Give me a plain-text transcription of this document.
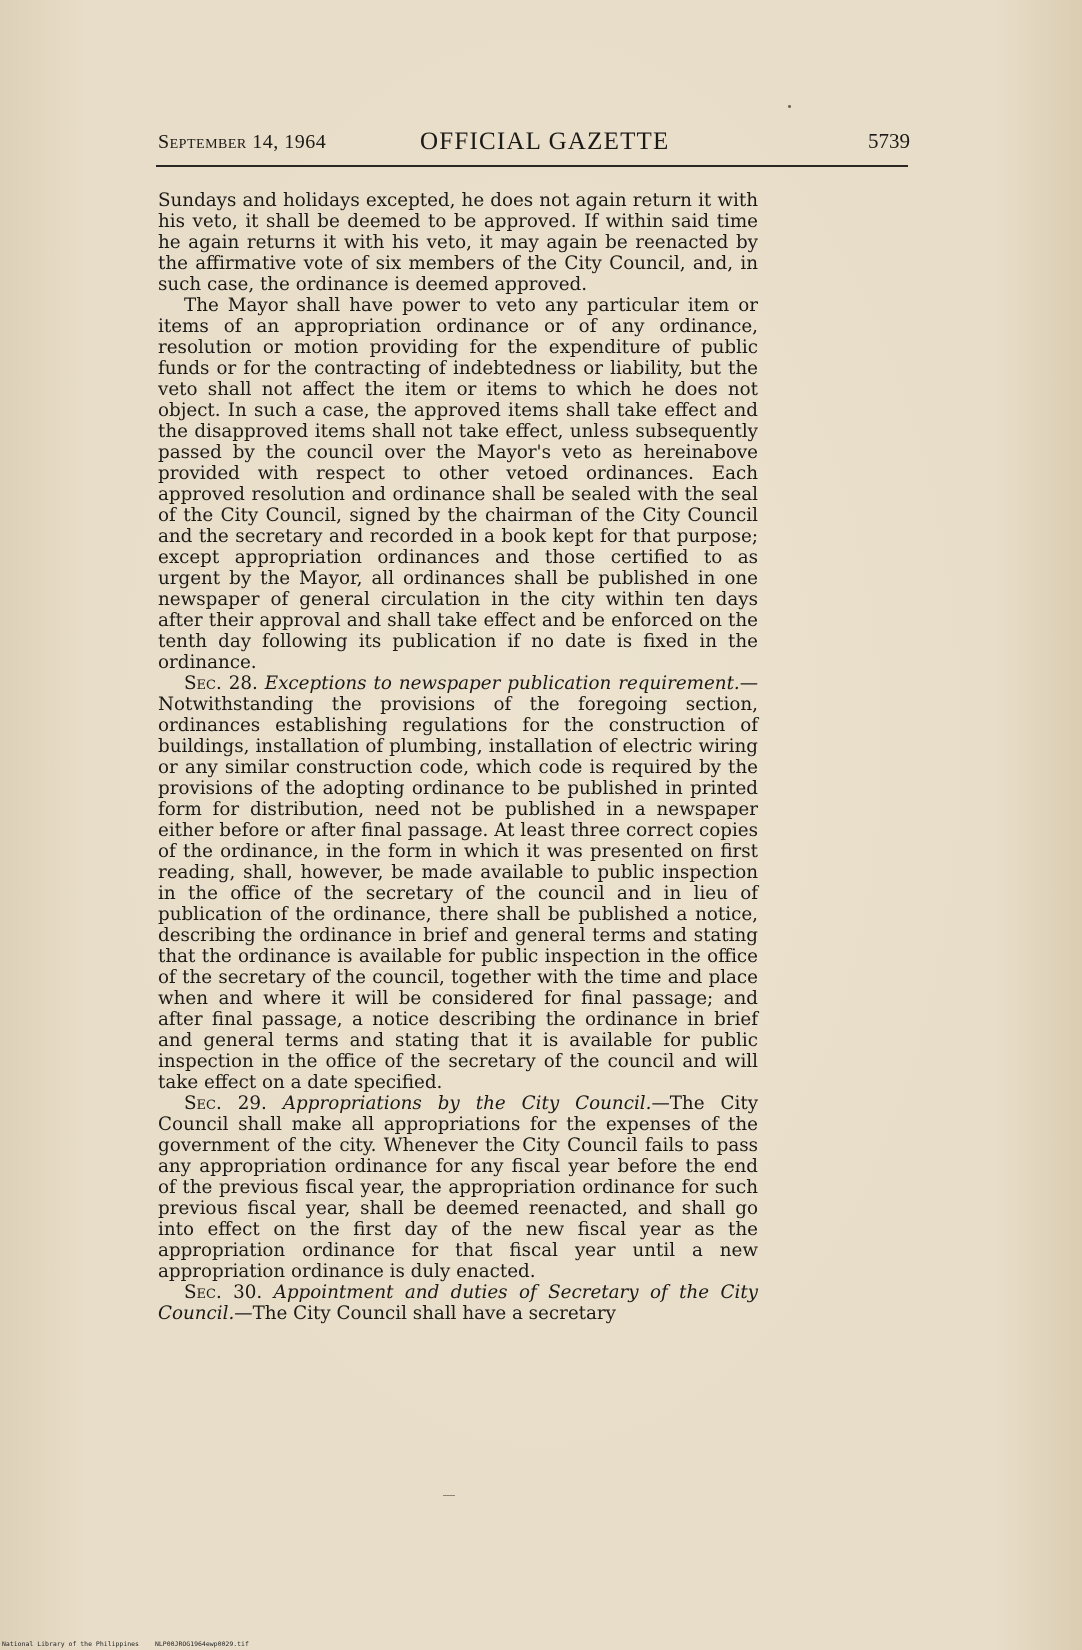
September 14, 1964	OFFICIAL GAZETTE	5739

Sundays and holidays excepted, he does not again return it with his veto, it shall be deemed to be approved. If within said time he again returns it with his veto, it may again be reenacted by the affirmative vote of six members of the City Council, and, in such case, the ordinance is deemed approved.

The Mayor shall have power to veto any particular item or items of an appropriation ordinance or of any ordinance, resolution or motion providing for the expenditure of public funds or for the contracting of indebtedness or liability, but the veto shall not affect the item or items to which he does not object. In such a case, the approved items shall take effect and the disapproved items shall not take effect, unless subsequently passed by the council over the Mayor's veto as hereinabove provided with respect to other vetoed ordinances. Each approved resolution and ordinance shall be sealed with the seal of the City Council, signed by the chairman of the City Council and the secretary and recorded in a book kept for that purpose; except appropriation ordinances and those certified to as urgent by the Mayor, all ordinances shall be published in one newspaper of general circulation in the city within ten days after their approval and shall take effect and be enforced on the tenth day following its publication if no date is fixed in the ordinance.

Sec. 28. Exceptions to newspaper publication requirement.—Notwithstanding the provisions of the foregoing section, ordinances establishing regulations for the construction of buildings, installation of plumbing, installation of electric wiring or any similar construction code, which code is required by the provisions of the adopting ordinance to be published in printed form for distribution, need not be published in a newspaper either before or after final passage. At least three correct copies of the ordinance, in the form in which it was presented on first reading, shall, however, be made available to public inspection in the office of the secretary of the council and in lieu of publication of the ordinance, there shall be published a notice, describing the ordinance in brief and general terms and stating that the ordinance is available for public inspection in the office of the secretary of the council, together with the time and place when and where it will be considered for final passage; and after final passage, a notice describing the ordinance in brief and general terms and stating that it is available for public inspection in the office of the secretary of the council and will take effect on a date specified.

Sec. 29. Appropriations by the City Council.—The City Council shall make all appropriations for the expenses of the government of the city. Whenever the City Council fails to pass any appropriation ordinance for any fiscal year before the end of the previous fiscal year, the appropriation ordinance for such previous fiscal year, shall be deemed reenacted, and shall go into effect on the first day of the new fiscal year as the appropriation ordinance for that fiscal year until a new appropriation ordinance is duly enacted.

Sec. 30. Appointment and duties of Secretary of the City Council.—The City Council shall have a secretary

National Library of the Philippines NLP00JROG1964ewp0029.tif
